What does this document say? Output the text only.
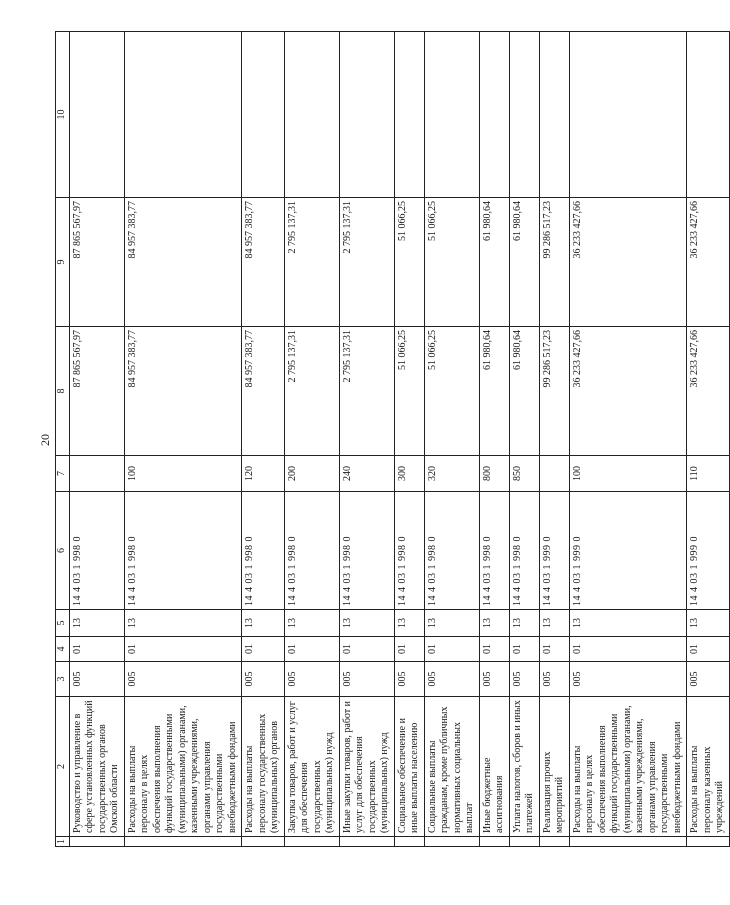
20
1	2	3	4	5	6	7	8	9	10
	Руководство и управление в сфере установленных функций государственных органов Омской области	005	01	13	14 4 03 1 998 0		87 865 567,97	87 865 567,97	
	Расходы на выплаты персоналу в целях обеспечения выполнения функций государственными (муниципальными) органами, казенными учреждениями, органами управления государственными внебюджетными фондами	005	01	13	14 4 03 1 998 0	100	84 957 383,77	84 957 383,77	
	Расходы на выплаты персоналу государственных (муниципальных) органов	005	01	13	14 4 03 1 998 0	120	84 957 383,77	84 957 383,77	
	Закупка товаров, работ и услуг для обеспечения государственных (муниципальных) нужд	005	01	13	14 4 03 1 998 0	200	2 795 137,31	2 795 137,31	
	Иные закупки товаров, работ и услуг для обеспечения государственных (муниципальных) нужд	005	01	13	14 4 03 1 998 0	240	2 795 137,31	2 795 137,31	
	Социальное обеспечение и иные выплаты населению	005	01	13	14 4 03 1 998 0	300	51 066,25	51 066,25	
	Социальные выплаты гражданам, кроме публичных нормативных социальных выплат	005	01	13	14 4 03 1 998 0	320	51 066,25	51 066,25	
	Иные бюджетные ассигнования	005	01	13	14 4 03 1 998 0	800	61 980,64	61 980,64	
	Уплата налогов, сборов и иных платежей	005	01	13	14 4 03 1 998 0	850	61 980,64	61 980,64	
	Реализация прочих мероприятий	005	01	13	14 4 03 1 999 0		99 286 517,23	99 286 517,23	
	Расходы на выплаты персоналу в целях обеспечения выполнения функций государственными (муниципальными) органами, казенными учреждениями, органами управления государственными внебюджетными фондами	005	01	13	14 4 03 1 999 0	100	36 233 427,66	36 233 427,66	
	Расходы на выплаты персоналу казенных учреждений	005	01	13	14 4 03 1 999 0	110	36 233 427,66	36 233 427,66	
